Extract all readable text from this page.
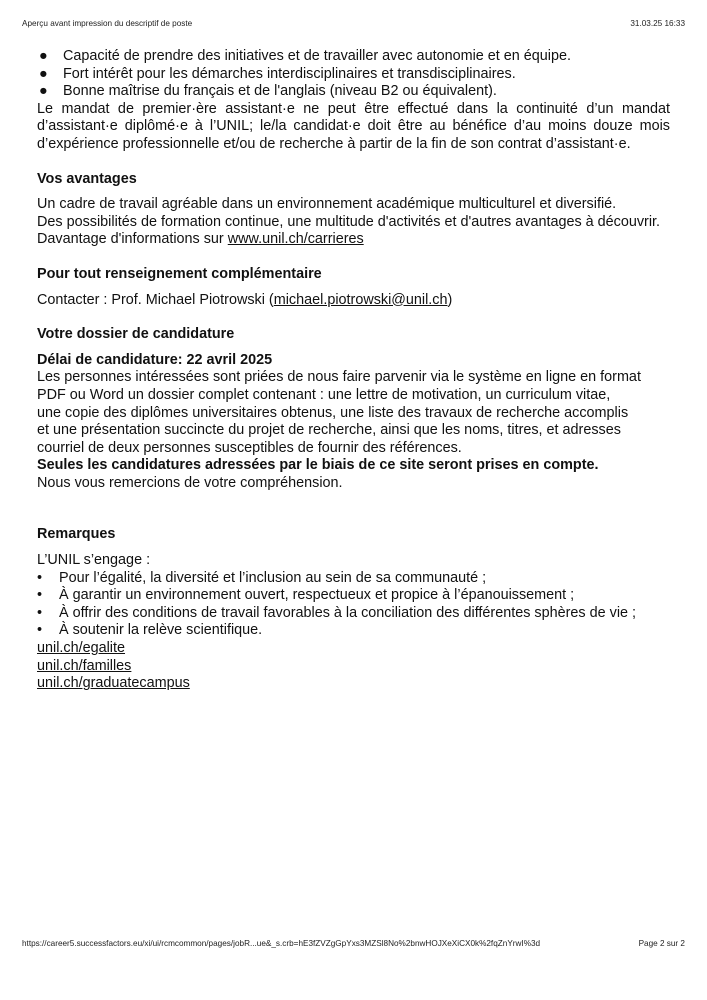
Aperçu avant impression du descriptif de poste	31.03.25 16:33
● Capacité de prendre des initiatives et de travailler avec autonomie et en équipe.
● Fort intérêt pour les démarches interdisciplinaires et transdisciplinaires.
● Bonne maîtrise du français et de l'anglais (niveau B2 ou équivalent).

Le mandat de premier·ère assistant·e ne peut être effectué dans la continuité d’un mandat d’assistant·e diplômé·e à l’UNIL; le/la candidat·e doit être au bénéfice d’au moins douze mois d’expérience professionnelle et/ou de recherche à partir de la fin de son contrat d’assistant·e.

Vos avantages

Un cadre de travail agréable dans un environnement académique multiculturel et diversifié.

Des possibilités de formation continue, une multitude d'activités et d'autres avantages à découvrir.

Davantage d'informations sur www.unil.ch/carrieres

Pour tout renseignement complémentaire

Contacter : Prof. Michael Piotrowski (michael.piotrowski@unil.ch)

Votre dossier de candidature

Délai de candidature: 22 avril 2025

Les personnes intéressées sont priées de nous faire parvenir via le système en ligne en format

PDF ou Word un dossier complet contenant : une lettre de motivation, un curriculum vitae,

une copie des diplômes universitaires obtenus, une liste des travaux de recherche accomplis

et une présentation succincte du projet de recherche, ainsi que les noms, titres, et adresses

courriel de deux personnes susceptibles de fournir des références.

Seules les candidatures adressées par le biais de ce site seront prises en compte.

Nous vous remercions de votre compréhension.

Remarques

L’UNIL s’engage :

• Pour l’égalité, la diversité et l’inclusion au sein de sa communauté ;
• À garantir un environnement ouvert, respectueux et propice à l’épanouissement ;
• À offrir des conditions de travail favorables à la conciliation des différentes sphères de vie ;
• À soutenir la relève scientifique.

unil.ch/egalite

unil.ch/familles

unil.ch/graduatecampus

https://career5.successfactors.eu/xi/ui/rcmcommon/pages/jobR...ue&_s.crb=hE3fZVZgGpYxs3MZSl8No%2bnwHOJXeXiCX0k%2fqZnYrwI%3d	Page 2 sur 2
